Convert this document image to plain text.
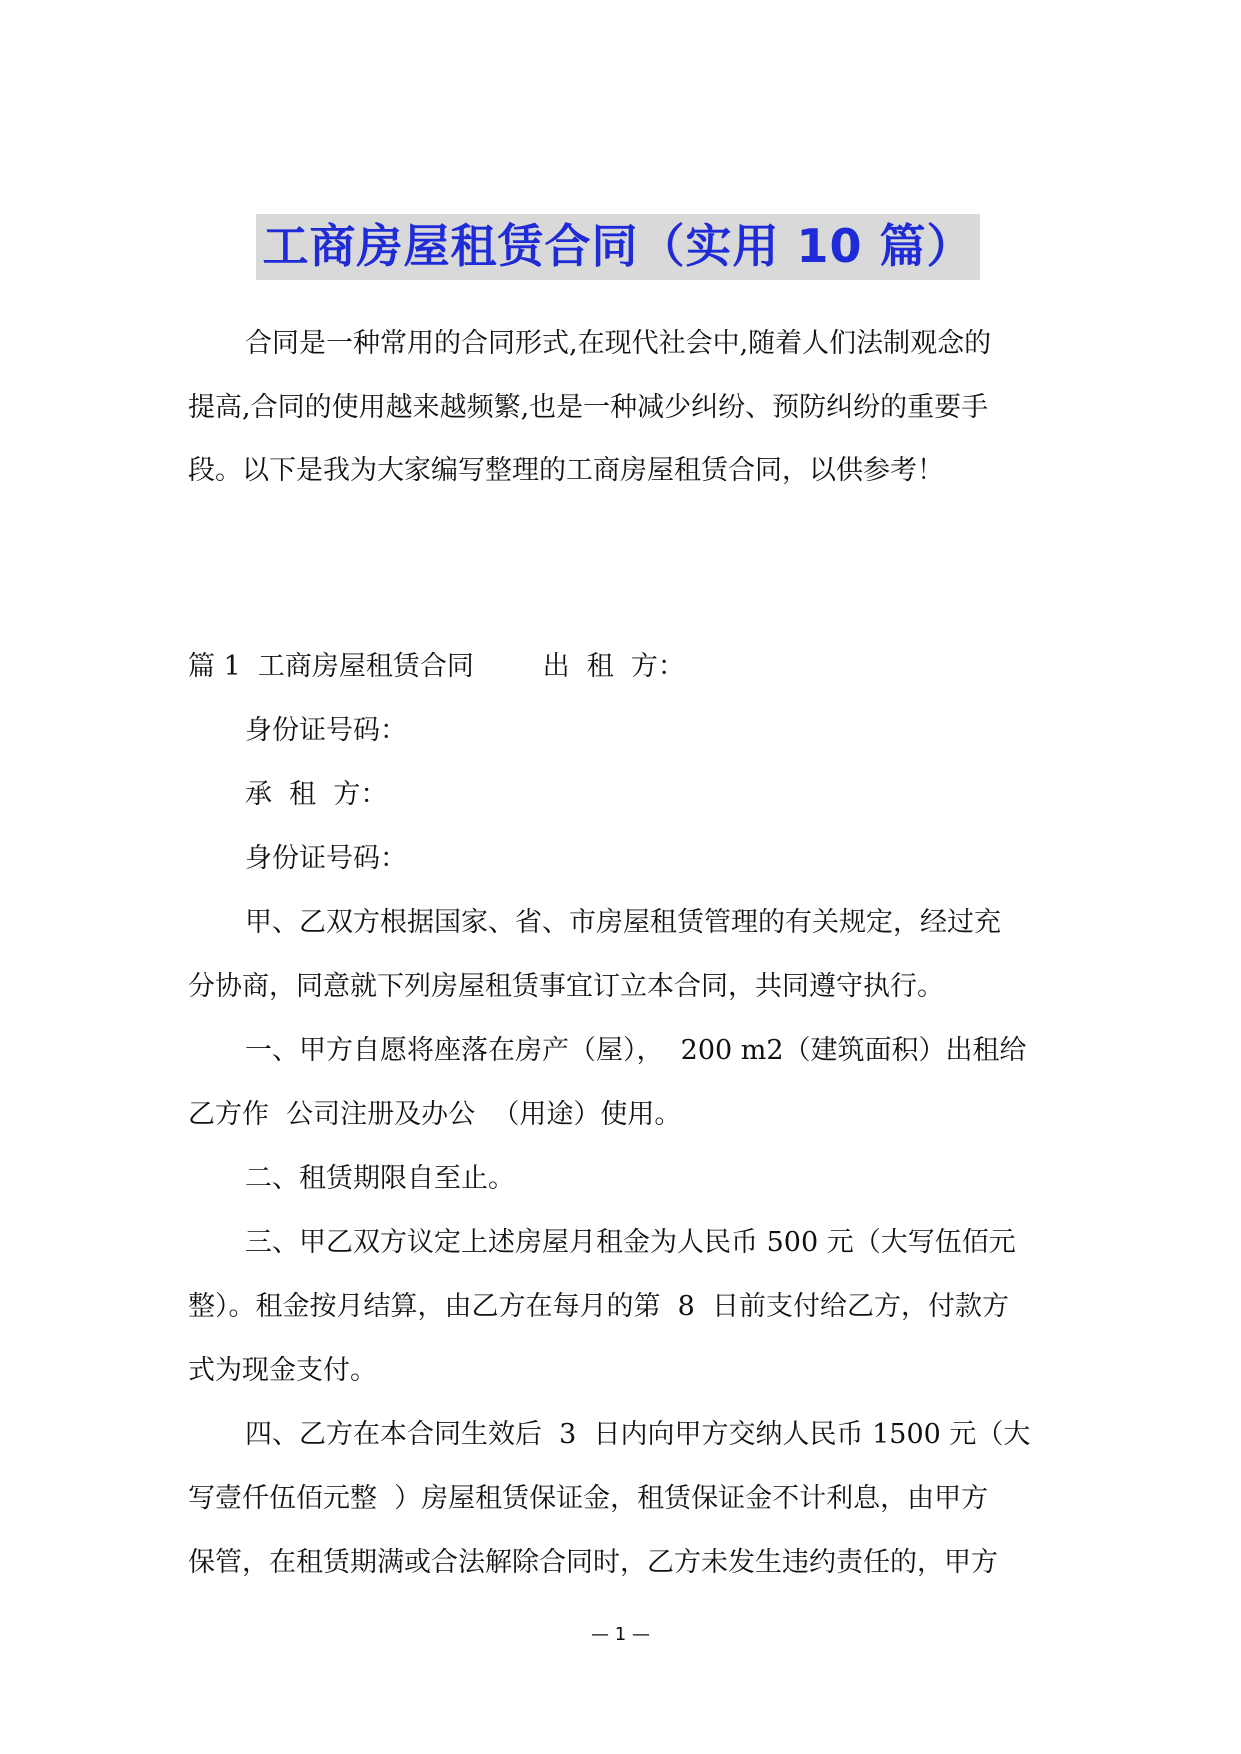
工商房屋租赁合同（实用 10 篇）
合同是一种常用的合同形式,在现代社会中,随着人们法制观念的
提高,合同的使用越来越频繁,也是一种减少纠纷、预防纠纷的重要手
段。以下是我为大家编写整理的工商房屋租赁合同，以供参考！
篇 1  工商房屋租赁合同        出  租  方：
身份证号码：
承  租  方：
身份证号码：
甲、乙双方根据国家、省、市房屋租赁管理的有关规定，经过充
分协商，同意就下列房屋租赁事宜订立本合同，共同遵守执行。
一、甲方自愿将座落在房产（屋），  200 m2（建筑面积）出租给
乙方作  公司注册及办公  （用途）使用。
二、租赁期限自至止。
三、甲乙双方议定上述房屋月租金为人民币 500 元（大写伍佰元
整）。租金按月结算，由乙方在每月的第  8  日前支付给乙方，付款方
式为现金支付。
四、乙方在本合同生效后  3  日内向甲方交纳人民币 1500 元（大
写壹仟伍佰元整  ）房屋租赁保证金，租赁保证金不计利息，由甲方
保管，在租赁期满或合法解除合同时，乙方未发生违约责任的，甲方
— 1 —
